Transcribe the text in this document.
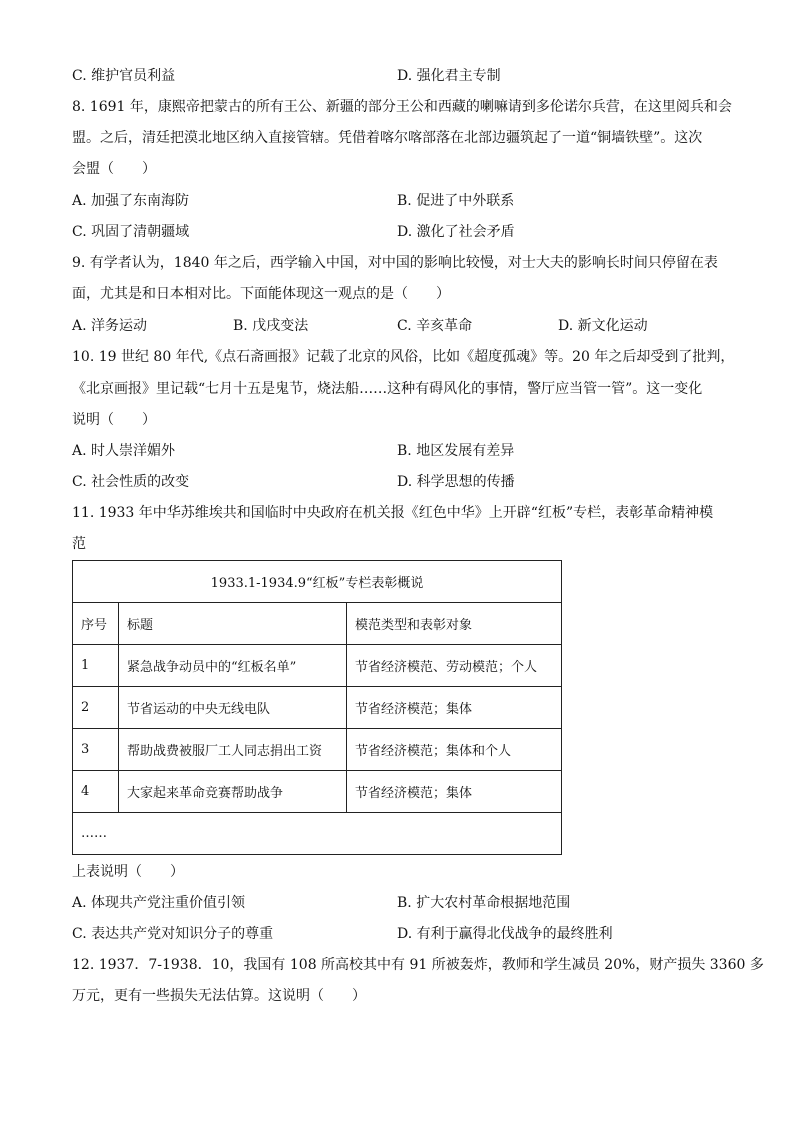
C. 维护官员利益	D. 强化君主专制
8. 1691 年，康熙帝把蒙古的所有王公、新疆的部分王公和西藏的喇嘛请到多伦诺尔兵营，在这里阅兵和会
盟。之后，清廷把漠北地区纳入直接管辖。凭借着喀尔喀部落在北部边疆筑起了一道“铜墙铁壁”。这次
会盟（　　）
A. 加强了东南海防	B. 促进了中外联系
C. 巩固了清朝疆域	D. 激化了社会矛盾
9. 有学者认为，1840 年之后，西学输入中国，对中国的影响比较慢，对士大夫的影响长时间只停留在表
面，尤其是和日本相对比。下面能体现这一观点的是（　　）
A. 洋务运动	B. 戊戌变法	C. 辛亥革命	D. 新文化运动
10. 19 世纪 80 年代,《点石斋画报》记载了北京的风俗，比如《超度孤魂》等。20 年之后却受到了批判，
《北京画报》里记载“七月十五是鬼节，烧法船……这种有碍风化的事情，警厅应当管一管”。这一变化
说明（　　）
A. 时人崇洋媚外	B. 地区发展有差异
C. 社会性质的改变	D. 科学思想的传播
11. 1933 年中华苏维埃共和国临时中央政府在机关报《红色中华》上开辟“红板”专栏，表彰革命精神模
范
1933.1-1934.9“红板”专栏表彰概说		
序号	标题	模范类型和表彰对象
1	紧急战争动员中的“红板名单”	节省经济模范、劳动模范；个人
2	节省运动的中央无线电队	节省经济模范；集体
3	帮助战费被服厂工人同志捐出工资	节省经济模范；集体和个人
4	大家起来革命竞赛帮助战争	节省经济模范；集体
……		
上表说明（　　）
A. 体现共产党注重价值引领	B. 扩大农村革命根据地范围
C. 表达共产党对知识分子的尊重	D. 有利于赢得北伐战争的最终胜利
12. 1937．7-1938．10，我国有 108 所高校其中有 91 所被轰炸，教师和学生减员 20%，财产损失 3360 多
万元，更有一些损失无法估算。这说明（　　）
